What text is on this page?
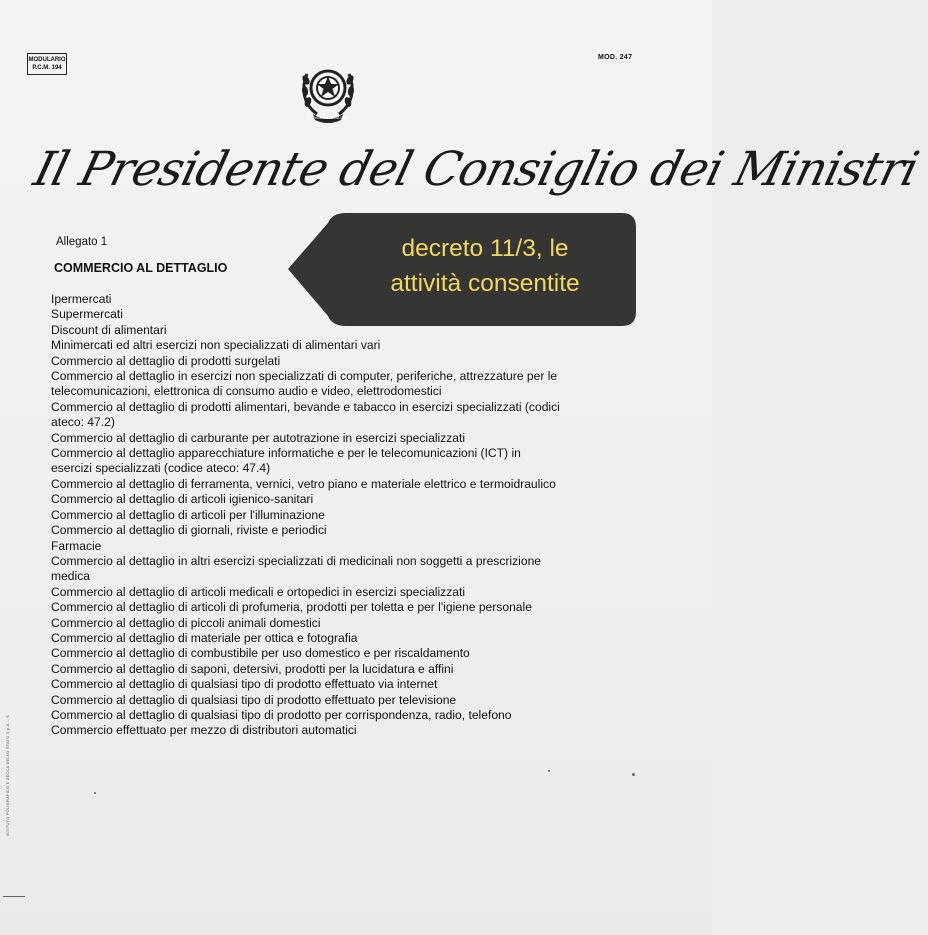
MODULARIO
P.C.M. 194
MOD. 247
REPVBBLICA ITALIANA
Il Presidente del Consiglio dei Ministri
Allegato 1
COMMERCIO AL DETTAGLIO
Ipermercati
Supermercati
Discount di alimentari
Minimercati ed altri esercizi non specializzati di alimentari vari
Commercio al dettaglio di prodotti surgelati
Commercio al dettaglio in esercizi non specializzati di computer, periferiche, attrezzature per le
telecomunicazioni, elettronica di consumo audio e video, elettrodomestici
Commercio al dettaglio di prodotti alimentari, bevande e tabacco in esercizi specializzati (codici
ateco: 47.2)
Commercio al dettaglio di carburante per autotrazione in esercizi specializzati
Commercio al dettaglio apparecchiature informatiche e per le telecomunicazioni (ICT) in
esercizi specializzati (codice ateco: 47.4)
Commercio al dettaglio di ferramenta, vernici, vetro piano e materiale elettrico e termoidraulico
Commercio al dettaglio di articoli igienico-sanitari
Commercio al dettaglio di articoli per l'illuminazione
Commercio al dettaglio di giornali, riviste e periodici
Farmacie
Commercio al dettaglio in altri esercizi specializzati di medicinali non soggetti a prescrizione
medica
Commercio al dettaglio di articoli medicali e ortopedici in esercizi specializzati
Commercio al dettaglio di articoli di profumeria, prodotti per toletta e per l'igiene personale
Commercio al dettaglio di piccoli animali domestici
Commercio al dettaglio di materiale per ottica e fotografia
Commercio al dettaglio di combustibile per uso domestico e per riscaldamento
Commercio al dettaglio di saponi, detersivi, prodotti per la lucidatura e affini
Commercio al dettaglio di qualsiasi tipo di prodotto effettuato via internet
Commercio al dettaglio di qualsiasi tipo di prodotto effettuato per televisione
Commercio al dettaglio di qualsiasi tipo di prodotto per corrispondenza, radio, telefono
Commercio effettuato per mezzo di distributori automatici
decreto 11/3, le
attività consentite
ISTITUTO POLIGRAFICO E ZECCA DELLO STATO S.p.A. - S
